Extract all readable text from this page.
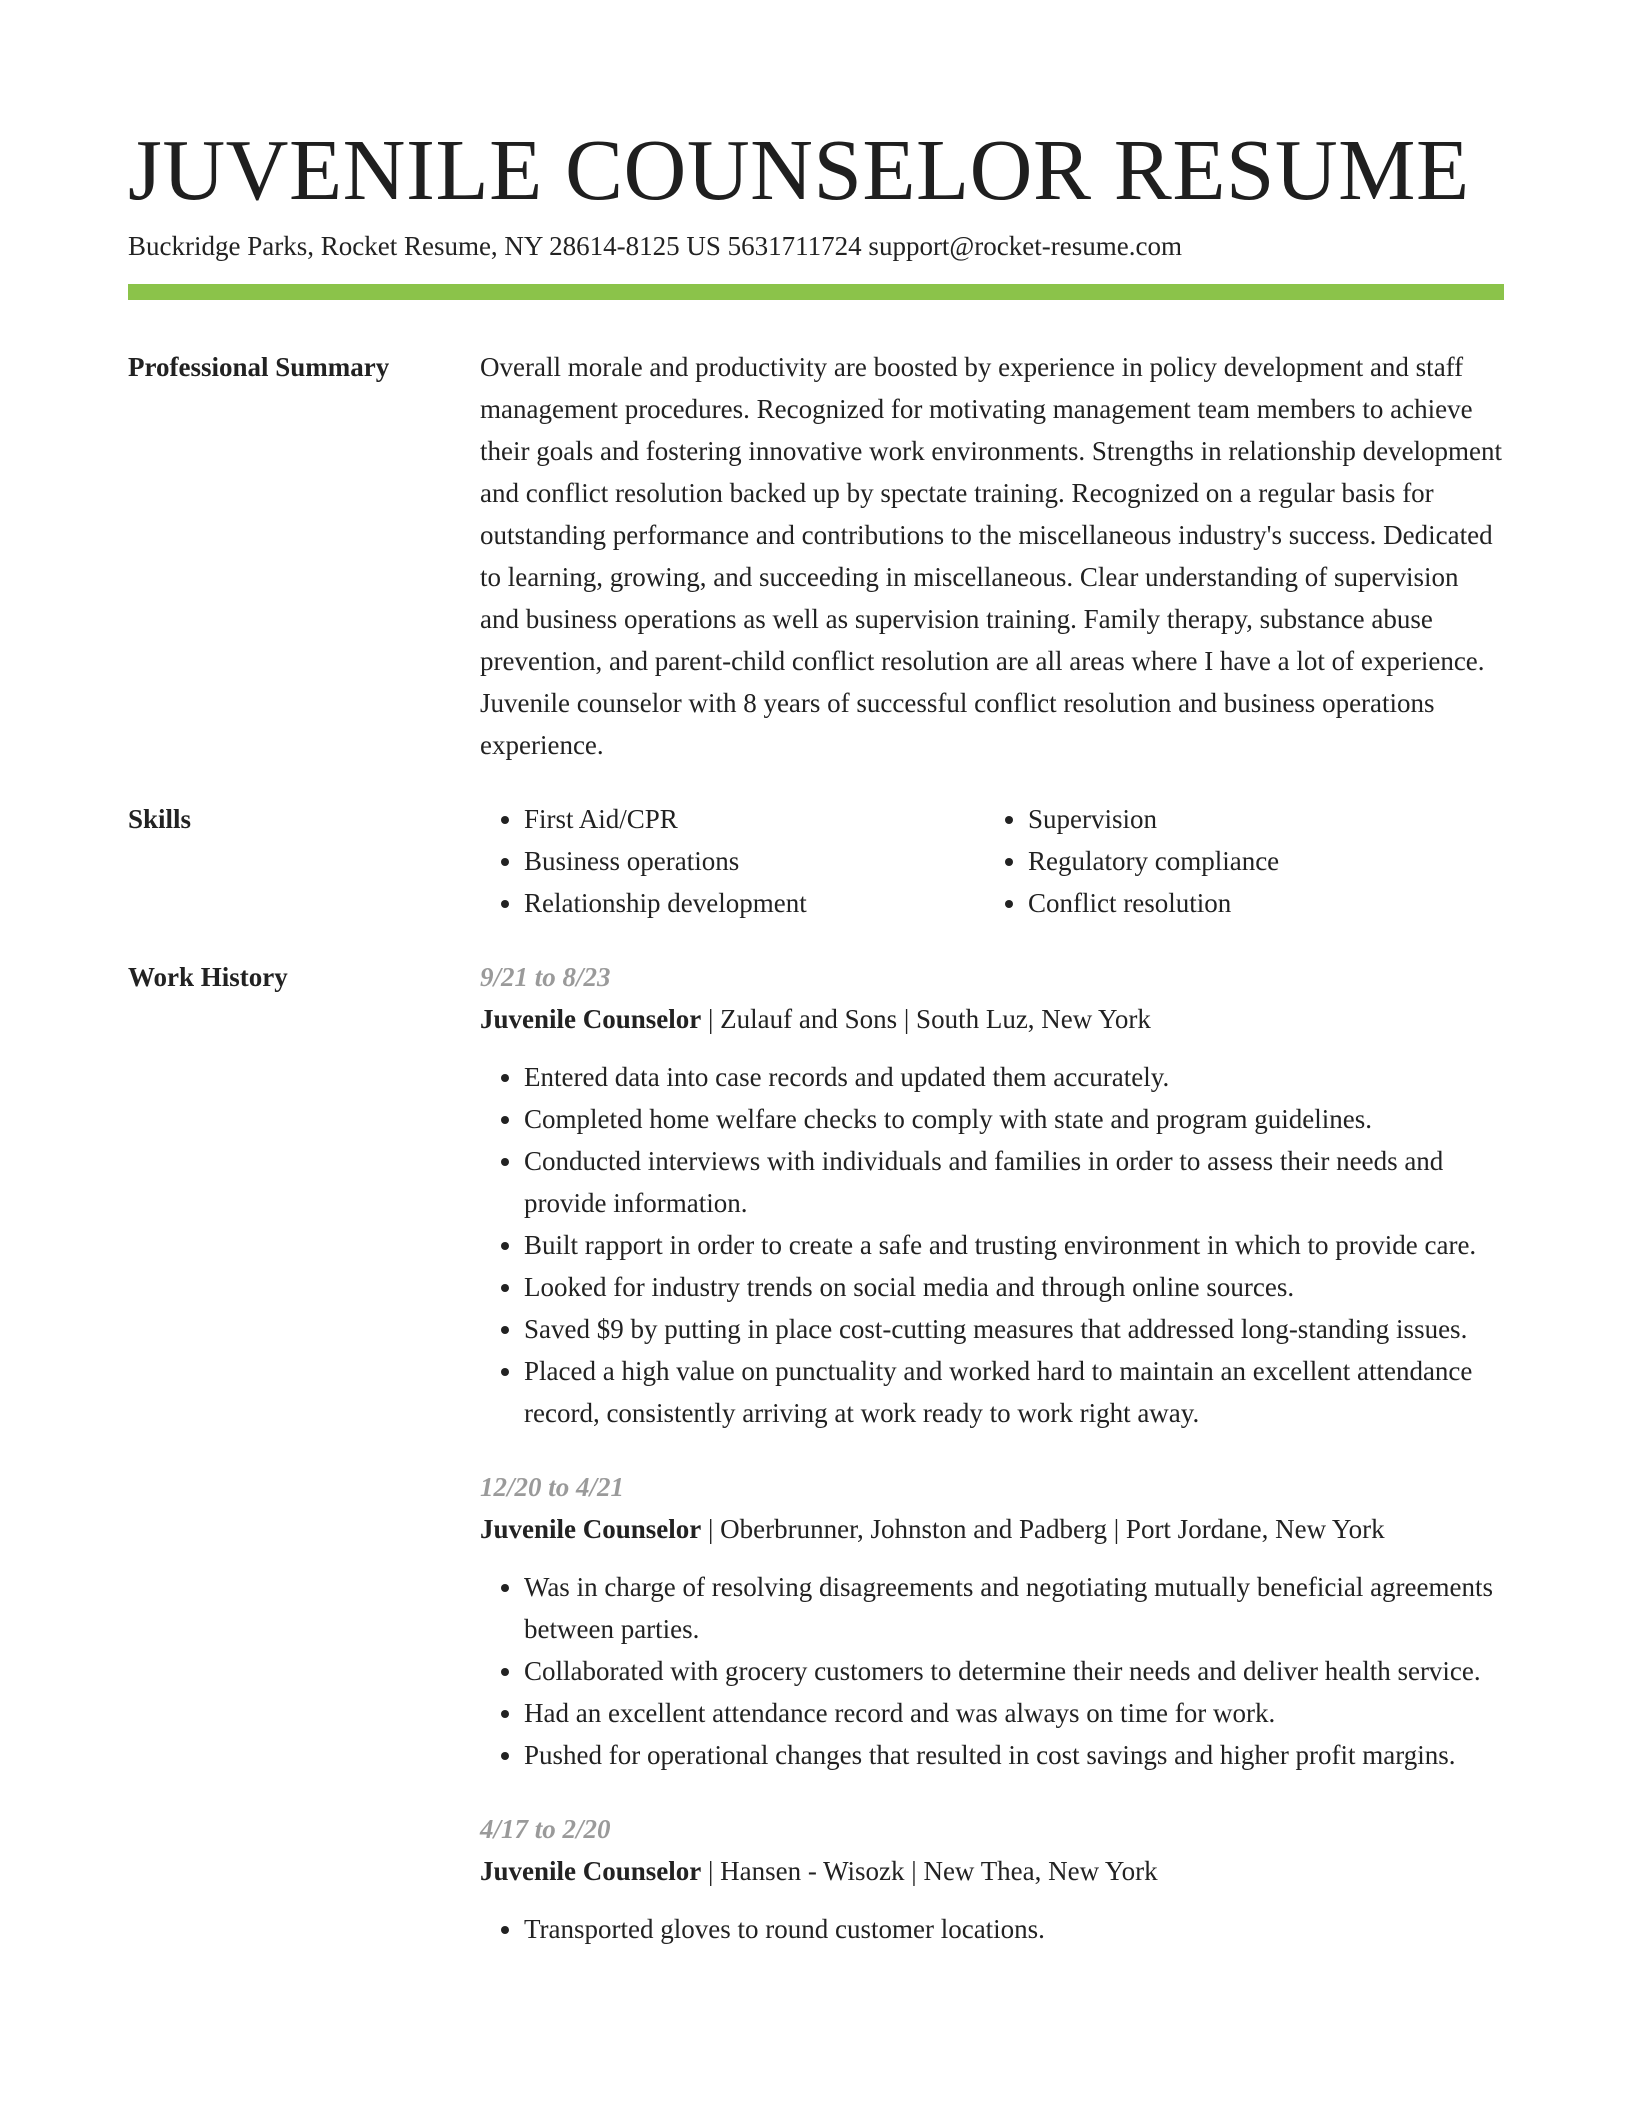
JUVENILE COUNSELOR RESUME
Buckridge Parks, Rocket Resume, NY 28614-8125 US 5631711724 support@rocket-resume.com
Professional Summary	Overall morale and productivity are boosted by experience in policy development and staff management procedures. Recognized for motivating management team members to achieve their goals and fostering innovative work environments. Strengths in relationship development and conflict resolution backed up by spectate training. Recognized on a regular basis for outstanding performance and contributions to the miscellaneous industry's success. Dedicated to learning, growing, and succeeding in miscellaneous. Clear understanding of supervision and business operations as well as supervision training. Family therapy, substance abuse prevention, and parent-child conflict resolution are all areas where I have a lot of experience. Juvenile counselor with 8 years of successful conflict resolution and business operations experience.

Skills
•	First Aid/CPR
• Business operations
• Relationship development
• Supervision
• Regulatory compliance
• Conflict resolution
Work History	9/21 to 8/23
Juvenile Counselor | Zulauf and Sons | South Luz, New York
• Entered data into case records and updated them accurately.
• Completed home welfare checks to comply with state and program guidelines.
• Conducted interviews with individuals and families in order to assess their needs and provide information.
• Built rapport in order to create a safe and trusting environment in which to provide care.
• Looked for industry trends on social media and through online sources.
• Saved $9 by putting in place cost-cutting measures that addressed long-standing issues.
• Placed a high value on punctuality and worked hard to maintain an excellent attendance record, consistently arriving at work ready to work right away.
12/20 to 4/21
Juvenile Counselor | Oberbrunner, Johnston and Padberg | Port Jordane, New York
• Was in charge of resolving disagreements and negotiating mutually beneficial agreements between parties.
• Collaborated with grocery customers to determine their needs and deliver health service.
• Had an excellent attendance record and was always on time for work.
• Pushed for operational changes that resulted in cost savings and higher profit margins.
4/17 to 2/20
Juvenile Counselor | Hansen - Wisozk | New Thea, New York
• Transported gloves to round customer locations.
